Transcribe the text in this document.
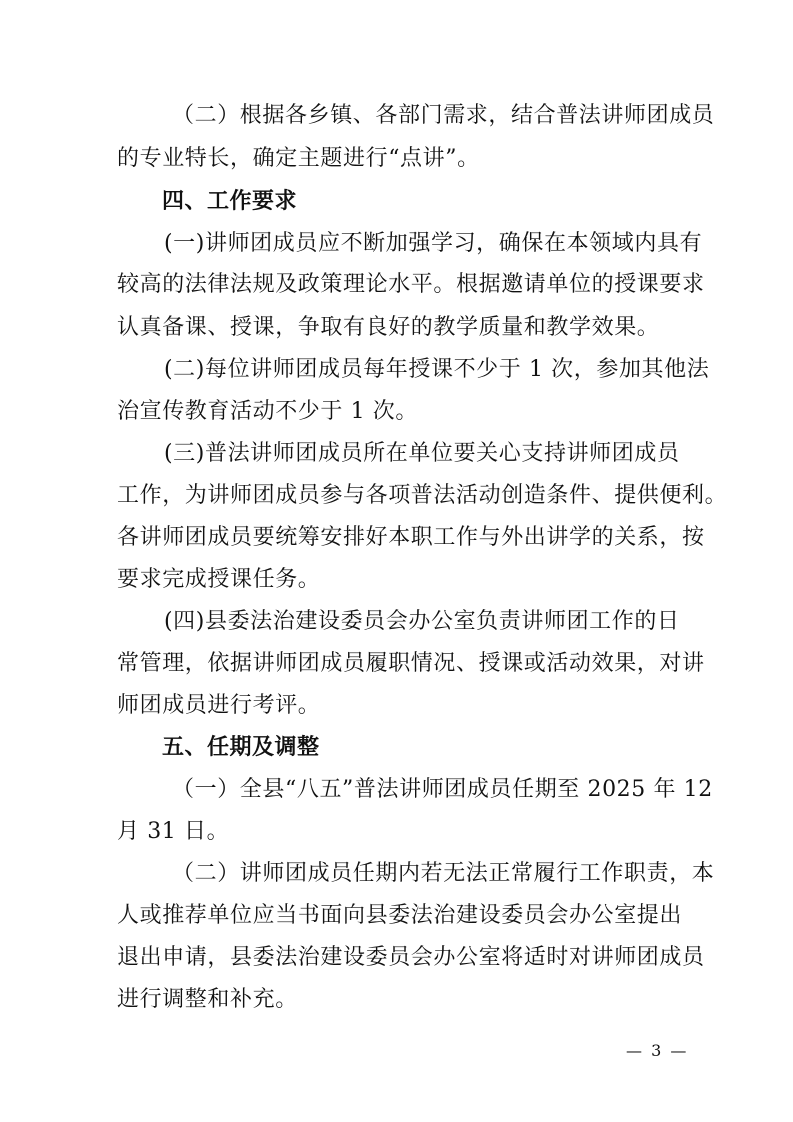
（二）根据各乡镇、各部门需求，结合普法讲师团成员
的专业特长，确定主题进行“点讲”。
四、工作要求
(一)讲师团成员应不断加强学习，确保在本领域内具有
较高的法律法规及政策理论水平。根据邀请单位的授课要求
认真备课、授课，争取有良好的教学质量和教学效果。
(二)每位讲师团成员每年授课不少于 1 次，参加其他法
治宣传教育活动不少于 1 次。
(三)普法讲师团成员所在单位要关心支持讲师团成员
工作，为讲师团成员参与各项普法活动创造条件、提供便利。
各讲师团成员要统筹安排好本职工作与外出讲学的关系，按
要求完成授课任务。
(四)县委法治建设委员会办公室负责讲师团工作的日
常管理，依据讲师团成员履职情况、授课或活动效果，对讲
师团成员进行考评。
五、任期及调整
（一）全县“八五”普法讲师团成员任期至 2025 年 12
月 31 日。
（二）讲师团成员任期内若无法正常履行工作职责，本
人或推荐单位应当书面向县委法治建设委员会办公室提出
退出申请，县委法治建设委员会办公室将适时对讲师团成员
进行调整和补充。
— 3 —
